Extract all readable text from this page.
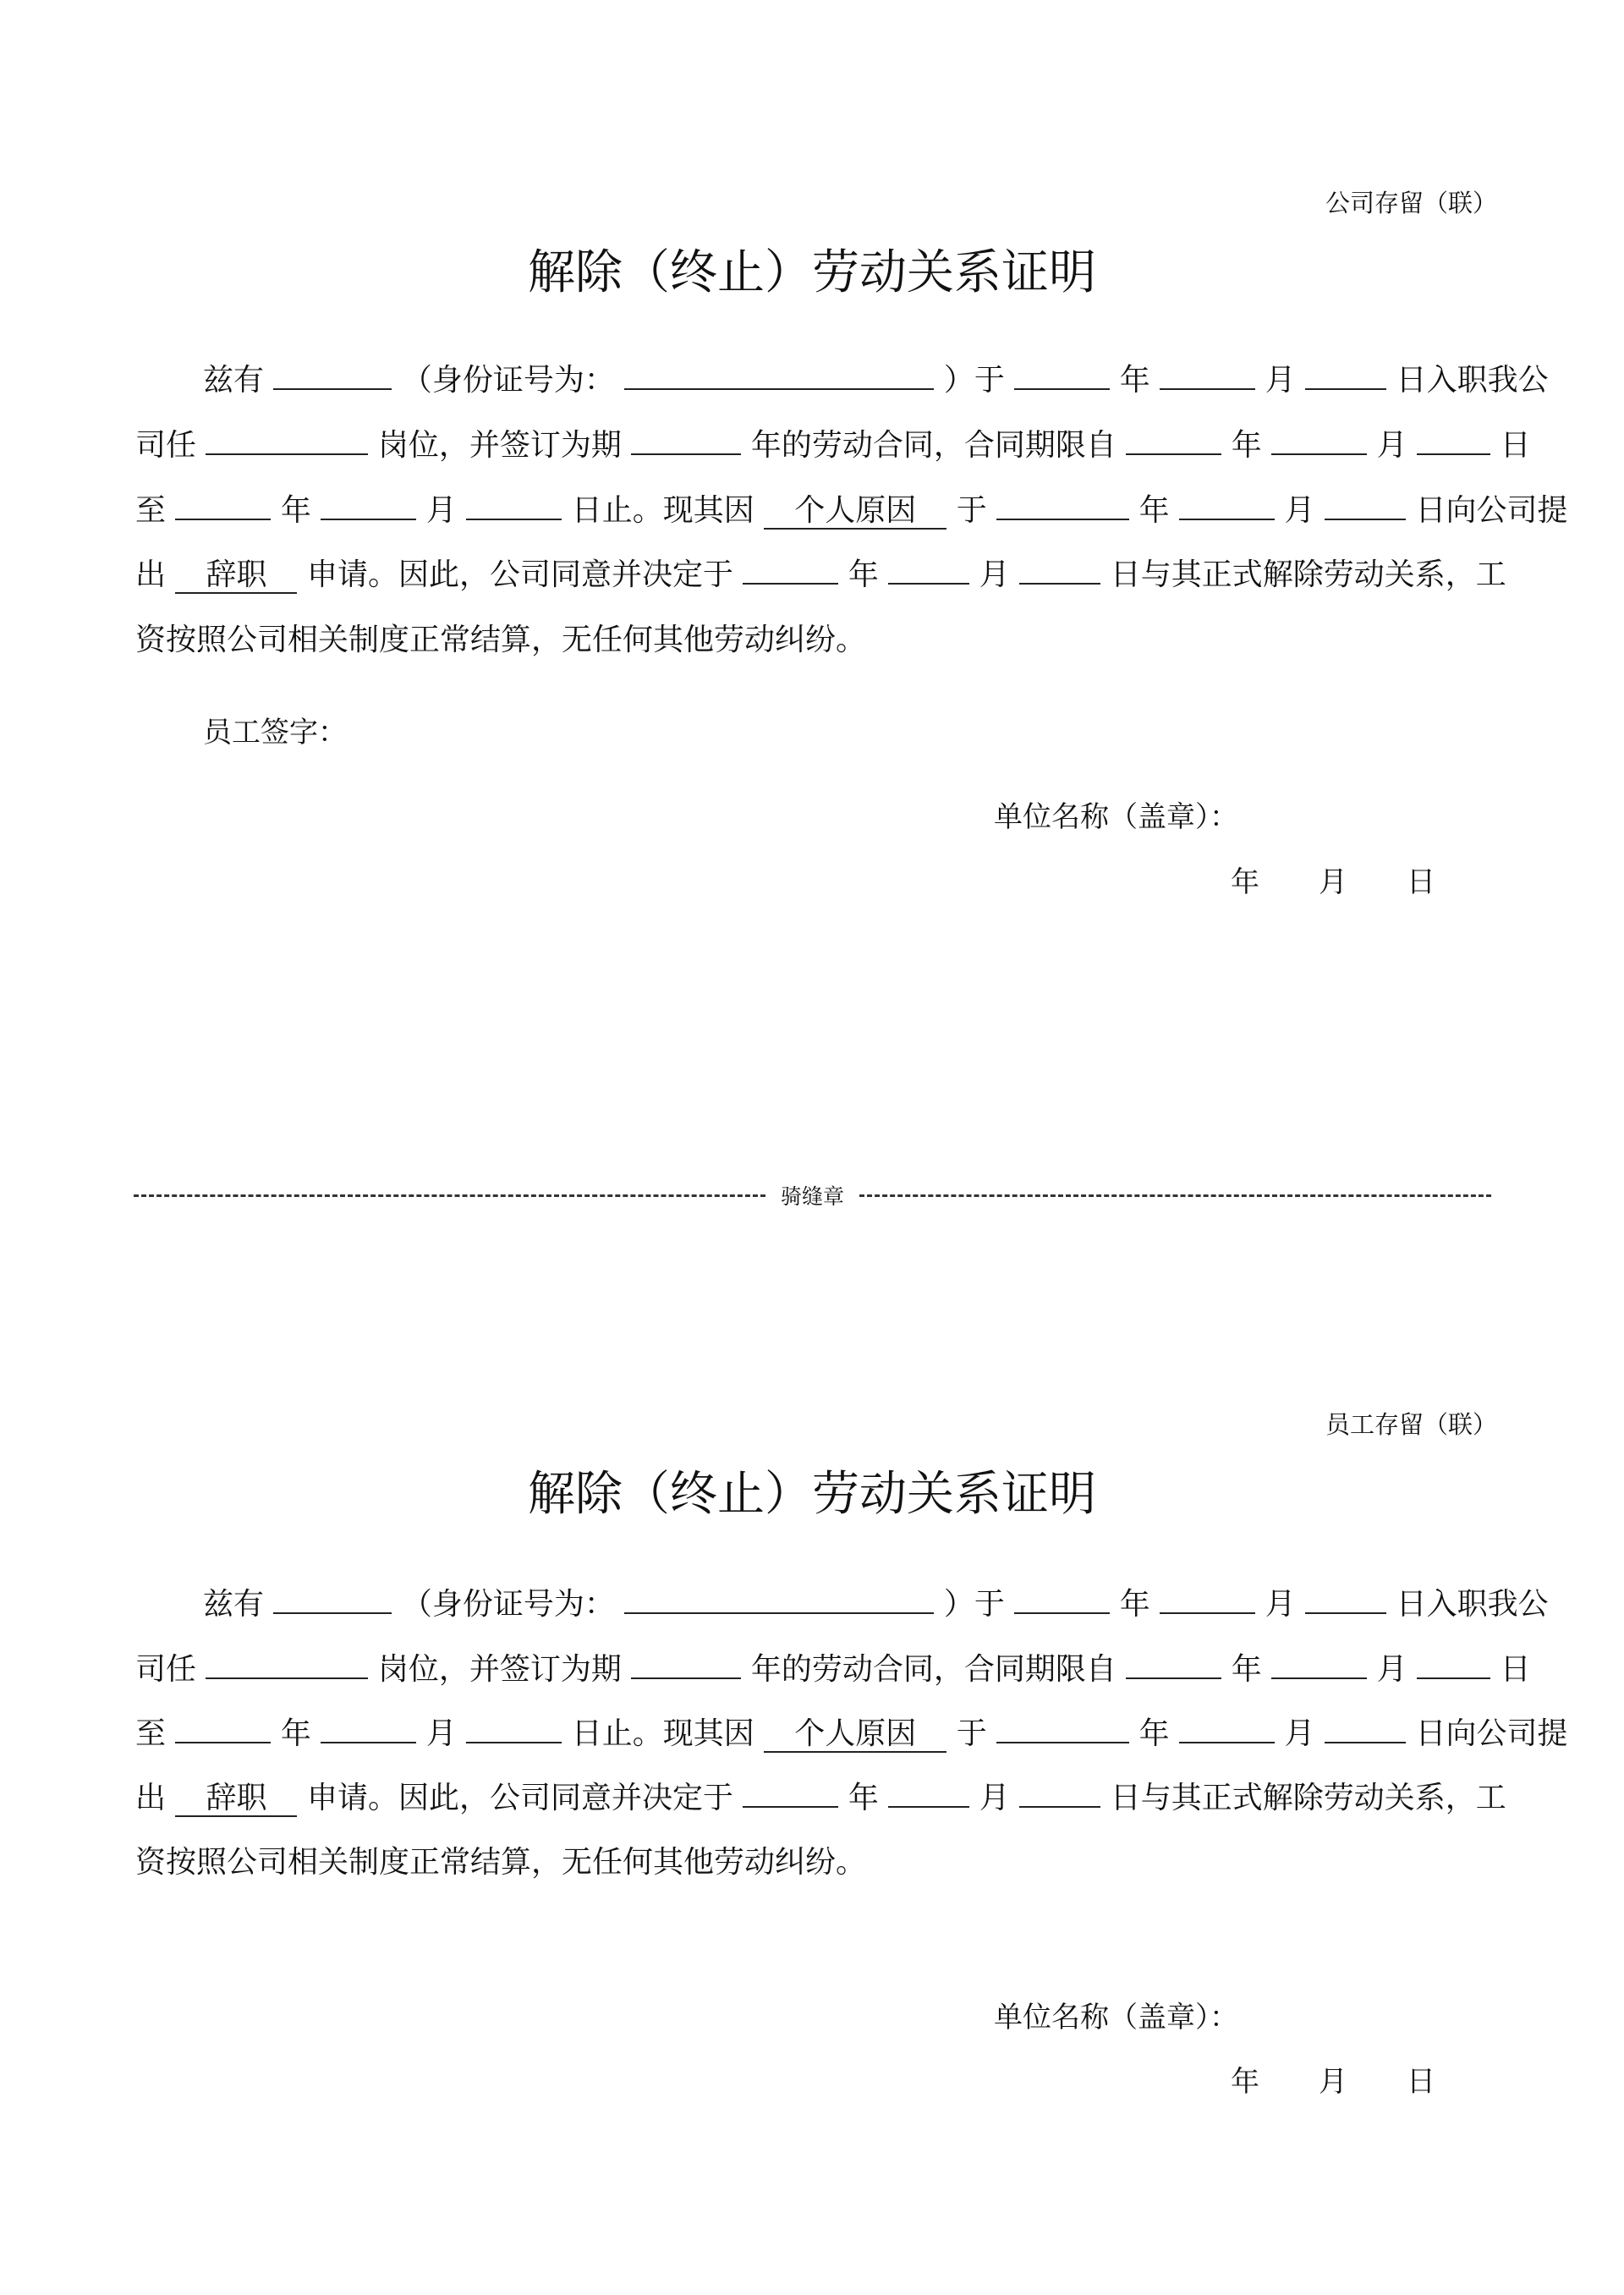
公司存留（联）
解除（终止）劳动关系证明
兹有	（身份证号为：	）于	年	月	日入职我公
司任	岗位，并签订为期	年的劳动合同，合同期限自	年	月	日
至	年	月	日止。现其因 个人原因 于	年	月	日向公司提
出 辞职 申请。因此，公司同意并决定于	年	月	日与其正式解除劳动关系，工
资按照公司相关制度正常结算，无任何其他劳动纠纷。
员工签字：
单位名称（盖章）：
年 月 日
骑缝章
员工存留（联）
解除（终止）劳动关系证明
兹有	（身份证号为：	）于	年	月	日入职我公
司任	岗位，并签订为期	年的劳动合同，合同期限自	年	月	日
至	年	月	日止。现其因 个人原因 于	年	月	日向公司提
出 辞职 申请。因此，公司同意并决定于	年	月	日与其正式解除劳动关系，工
资按照公司相关制度正常结算，无任何其他劳动纠纷。
单位名称（盖章）：
年 月 日
